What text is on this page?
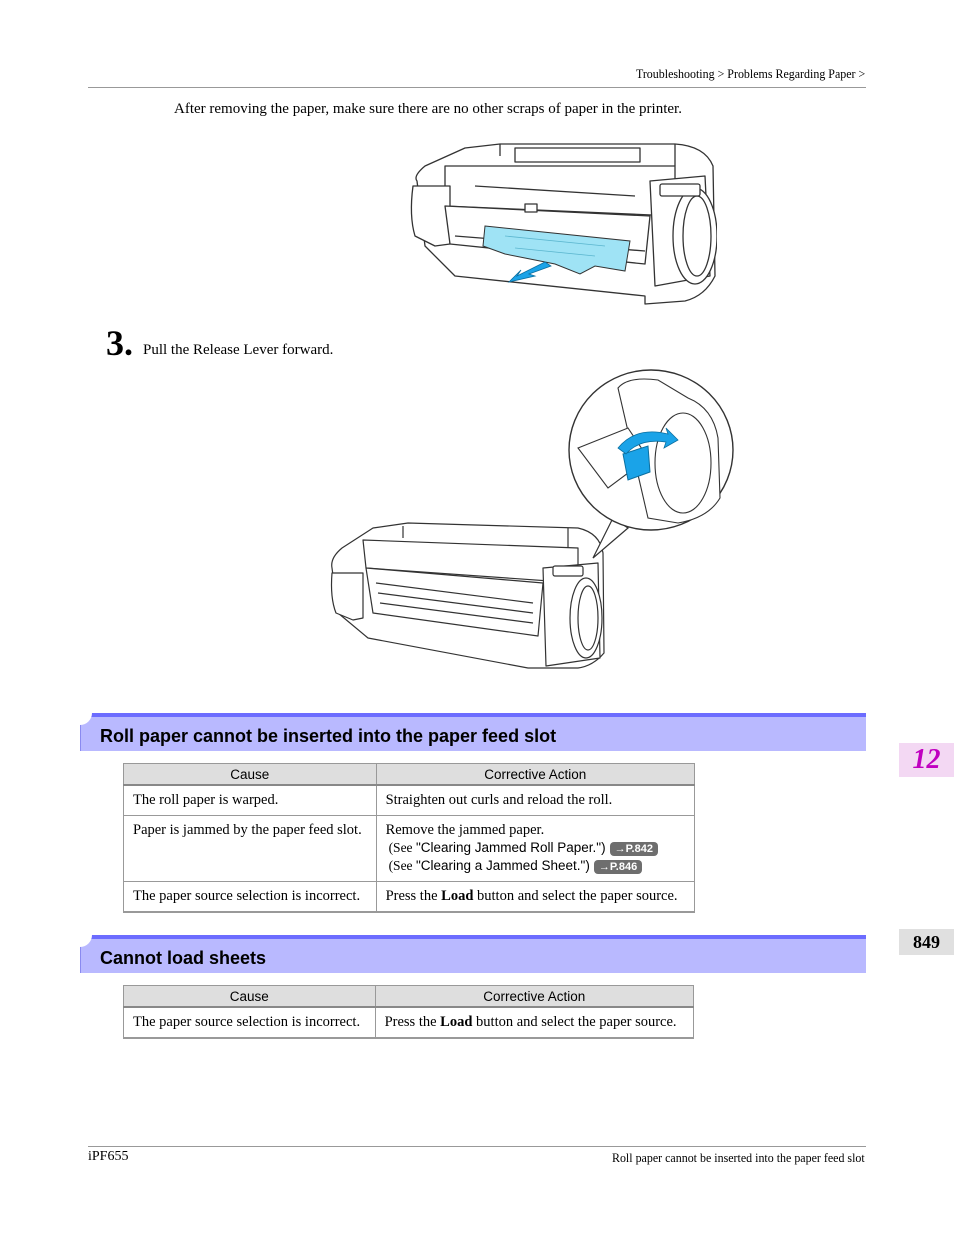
Troubleshooting > Problems Regarding Paper >
After removing the paper, make sure there are no other scraps of paper in the printer.
3. Pull the Release Lever forward.
Roll paper cannot be inserted into the paper feed slot
Cause	Corrective Action
The roll paper is warped.	Straighten out curls and reload the roll.
Paper is jammed by the paper feed slot.	Remove the jammed paper.
(See "Clearing Jammed Roll Paper.") →P.842
(See "Clearing a Jammed Sheet.") →P.846

The paper source selection is incorrect.	Press the Load button and select the paper source.
Cannot load sheets
Cause	Corrective Action
The paper source selection is incorrect.	Press the Load button and select the paper source.
12
849
iPF655	Roll paper cannot be inserted into the paper feed slot
